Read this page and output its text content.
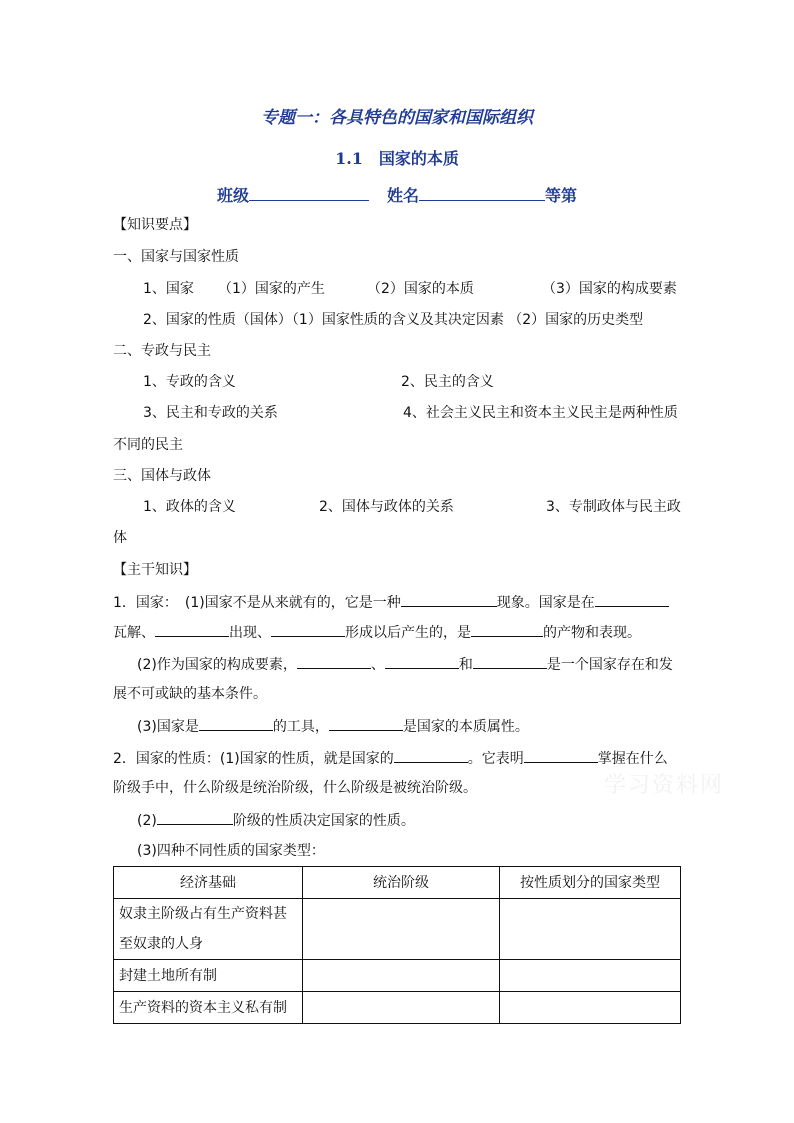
专题一：各具特色的国家和国际组织
1.1　国家的本质
班级	姓名	等第
【知识要点】
一、国家与国家性质
1、国家 （1）国家的产生	（2）国家的本质	（3）国家的构成要素
2、国家的性质（国体）（1）国家性质的含义及其决定因素 （2）国家的历史类型
二、专政与民主
1、专政的含义	2、民主的含义
3、民主和专政的关系	4、社会主义民主和资本主义民主是两种性质
不同的民主
三、国体与政体
1、政体的含义	2、国体与政体的关系	3、专制政体与民主政
体
【主干知识】
1．国家：　(1)国家不是从来就有的，它是一种	现象。国家是在
瓦解、	出现、	形成以后产生的，是	的产物和表现。
(2)作为国家的构成要素，	、	和	是一个国家存在和发
展不可或缺的基本条件。
(3)国家是	的工具，	是国家的本质属性。
2．国家的性质：(1)国家的性质，就是国家的	。它表明	掌握在什么
阶级手中，什么阶级是统治阶级，什么阶级是被统治阶级。
(2)	阶级的性质决定国家的性质。
(3)四种不同性质的国家类型：
学习资料网
经济基础	统治阶级	按性质划分的国家类型
奴隶主阶级占有生产资料甚至奴隶的人身		
封建土地所有制		
生产资料的资本主义私有制		
